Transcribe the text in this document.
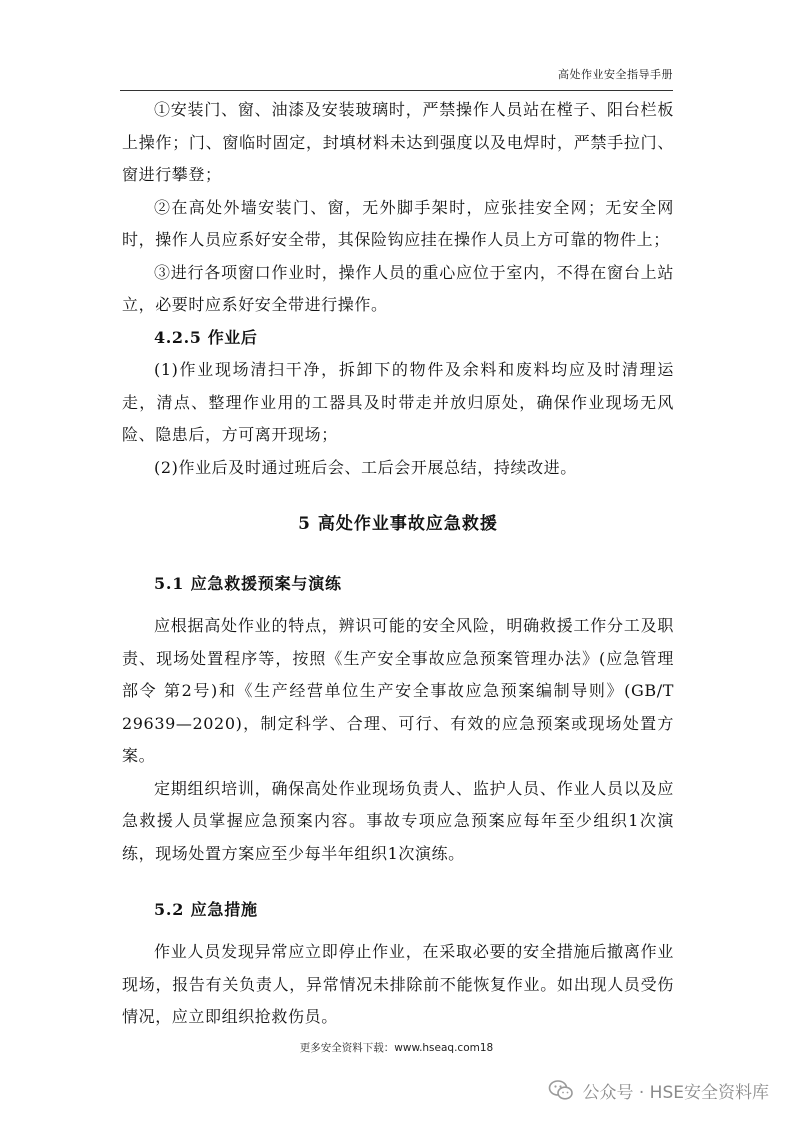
高处作业安全指导手册

①安装门、窗、油漆及安装玻璃时，严禁操作人员站在樘子、阳台栏板上操作；门、窗临时固定，封填材料未达到强度以及电焊时，严禁手拉门、窗进行攀登；

②在高处外墙安装门、窗，无外脚手架时，应张挂安全网；无安全网时，操作人员应系好安全带，其保险钩应挂在操作人员上方可靠的物件上；

③进行各项窗口作业时，操作人员的重心应位于室内，不得在窗台上站立，必要时应系好安全带进行操作。

4.2.5 作业后

(1)作业现场清扫干净，拆卸下的物件及余料和废料均应及时清理运走，清点、整理作业用的工器具及时带走并放归原处，确保作业现场无风险、隐患后，方可离开现场；

(2)作业后及时通过班后会、工后会开展总结，持续改进。

5 高处作业事故应急救援
5.1 应急救援预案与演练

应根据高处作业的特点，辨识可能的安全风险，明确救援工作分工及职责、现场处置程序等，按照《生产安全事故应急预案管理办法》(应急管理部令 第2号)和《生产经营单位生产安全事故应急预案编制导则》(GB/T 29639—2020)，制定科学、合理、可行、有效的应急预案或现场处置方案。

定期组织培训，确保高处作业现场负责人、监护人员、作业人员以及应急救援人员掌握应急预案内容。事故专项应急预案应每年至少组织1次演练，现场处置方案应至少每半年组织1次演练。

5.2 应急措施

作业人员发现异常应立即停止作业，在采取必要的安全措施后撤离作业现场，报告有关负责人，异常情况未排除前不能恢复作业。如出现人员受伤情况，应立即组织抢救伤员。

更多安全资料下载：www.hseaq.com18
公众号 · HSE安全资料库
